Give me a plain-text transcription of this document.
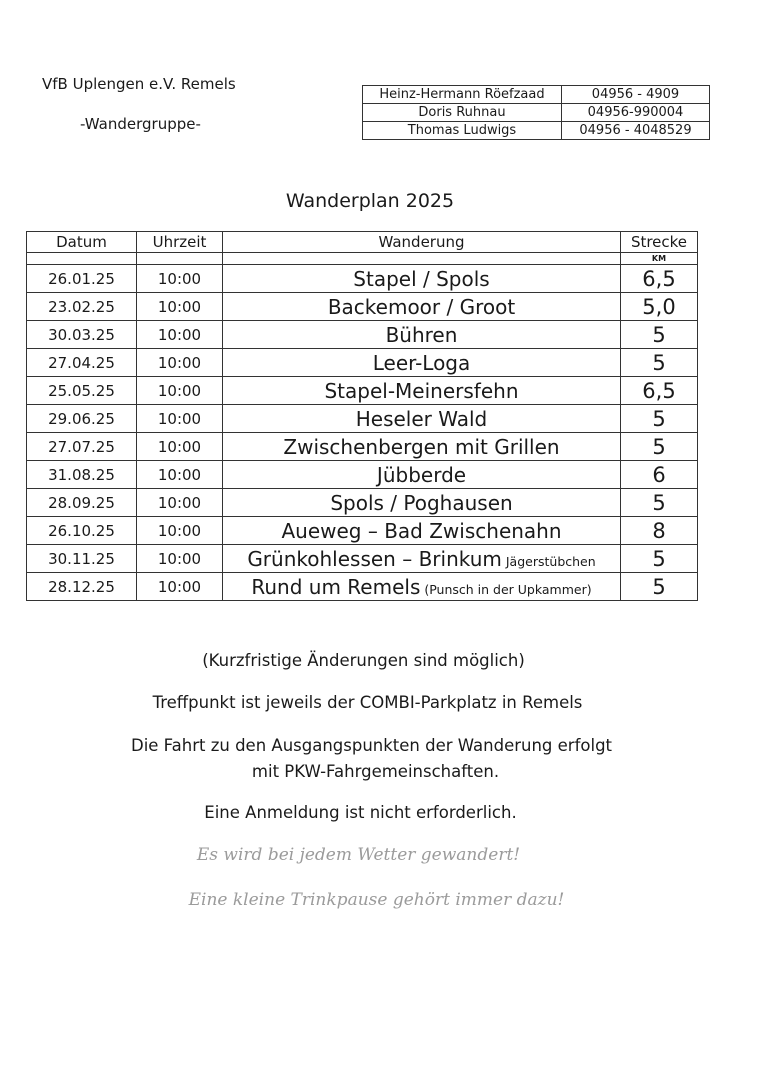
VfB Uplengen e.V. Remels
-Wandergruppe-
Heinz-Hermann Röefzaad	04956 - 4909
Doris Ruhnau	04956-990004
Thomas Ludwigs	04956 - 4048529
Wanderplan 2025
Datum	Uhrzeit	Wanderung	Strecke
			KM
26.01.25	10:00	Stapel / Spols	6,5
23.02.25	10:00	Backemoor / Groot	5,0
30.03.25	10:00	Bühren	5
27.04.25	10:00	Leer-Loga	5
25.05.25	10:00	Stapel-Meinersfehn	6,5
29.06.25	10:00	Heseler Wald	5
27.07.25	10:00	Zwischenbergen mit Grillen	5
31.08.25	10:00	Jübberde	6
28.09.25	10:00	Spols / Poghausen	5
26.10.25	10:00	Aueweg – Bad Zwischenahn	8
30.11.25	10:00	Grünkohlessen – Brinkum Jägerstübchen	5
28.12.25	10:00	Rund um Remels (Punsch in der Upkammer)	5
(Kurzfristige Änderungen sind möglich)
Treffpunkt ist jeweils der COMBI-Parkplatz in Remels
Die Fahrt zu den Ausgangspunkten der Wanderung erfolgt
mit PKW-Fahrgemeinschaften.
Eine Anmeldung ist nicht erforderlich.
Es wird bei jedem Wetter gewandert!
Eine kleine Trinkpause gehört immer dazu!
